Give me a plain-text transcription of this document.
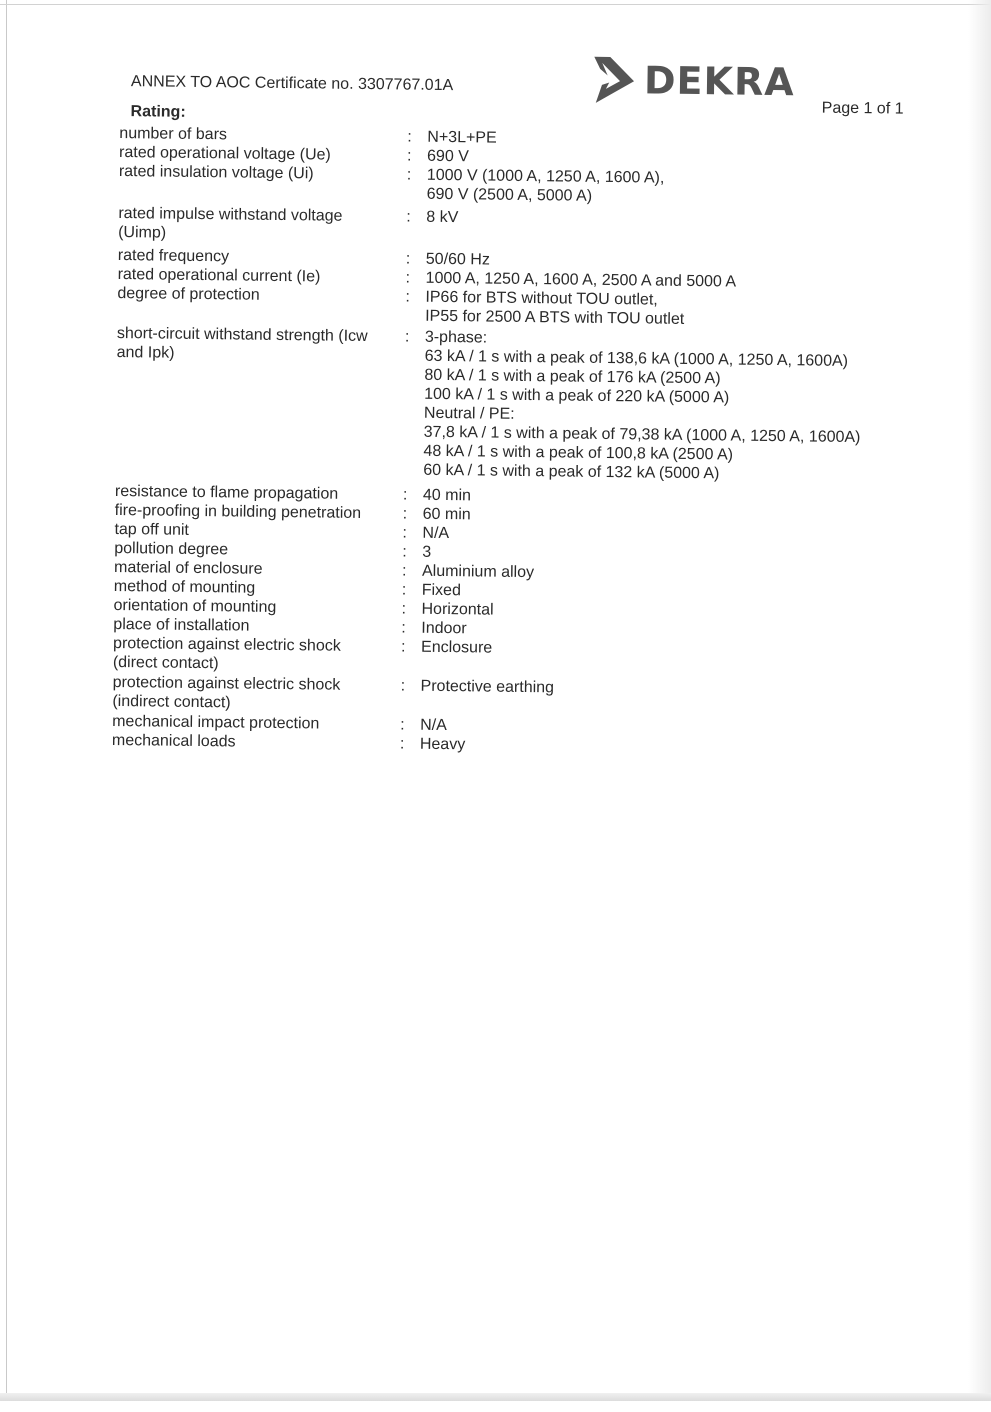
ANNEX TO AOC Certificate no. 3307767.01A	DEKRA
Page 1 of 1
Rating:
number of bars	: N+3L+PE
rated operational voltage (Ue)	: 690 V
rated insulation voltage (Ui)	: 1000 V (1000 A, 1250 A, 1600 A),
690 V (2500 A, 5000 A)
rated impulse withstand voltage (Uimp)
: 8 kV
rated frequency	: 50/60 Hz
rated operational current (Ie)	: 1000 A, 1250 A, 1600 A, 2500 A and 5000 A
degree of protection	: IP66 for BTS without TOU outlet,
IP55 for 2500 A BTS with TOU outlet
short-circuit withstand strength (Icw and Ipk)
: 3-phase:
63 kA / 1 s with a peak of 138,6 kA (1000 A, 1250 A, 1600A)
80 kA / 1 s with a peak of 176 kA (2500 A)
100 kA / 1 s with a peak of 220 kA (5000 A)
Neutral / PE:
37,8 kA / 1 s with a peak of 79,38 kA (1000 A, 1250 A, 1600A)
48 kA / 1 s with a peak of 100,8 kA (2500 A)
60 kA / 1 s with a peak of 132 kA (5000 A)
resistance to flame propagation	: 40 min
fire-proofing in building penetration	: 60 min
tap off unit	: N/A
pollution degree	: 3
material of enclosure	: Aluminium alloy
method of mounting	: Fixed
orientation of mounting	: Horizontal
place of installation	: Indoor
protection against electric shock (direct contact)
: Enclosure
protection against electric shock (indirect contact)
: Protective earthing
mechanical impact protection	: N/A
mechanical loads	: Heavy
